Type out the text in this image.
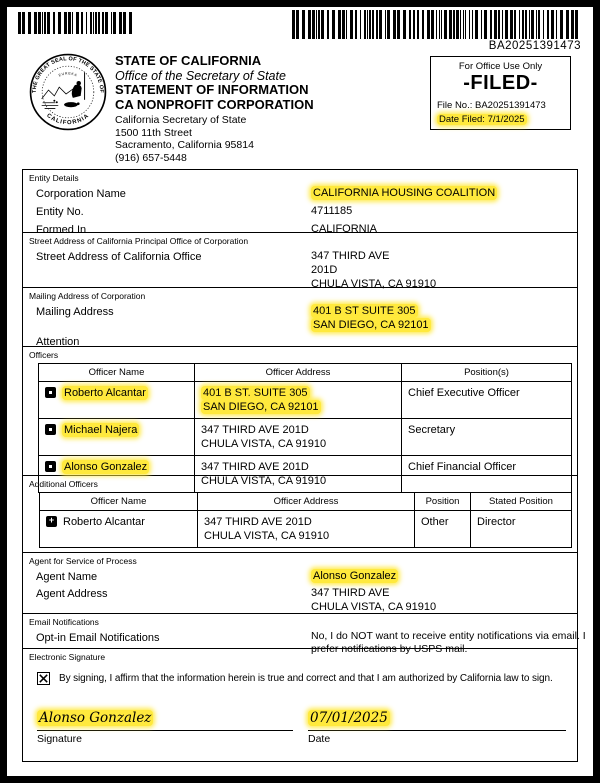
BA20251391473
THE GREAT SEAL OF THE STATE OF
CALIFORNIA
EUREKA
STATE OF CALIFORNIA
Office of the Secretary of State
STATEMENT OF INFORMATION
CA NONPROFIT CORPORATION
California Secretary of State
1500 11th Street
Sacramento, California 95814
(916) 657-5448
For Office Use Only
-FILED-
File No.: BA20251391473
Date Filed: 7/1/2025
Entity Details
Corporation Name	CALIFORNIA HOUSING COALITION
Entity No.	4711185
Formed In	CALIFORNIA
Street Address of California Principal Office of Corporation
Street Address of California Office	347 THIRD AVE
201D
CHULA VISTA, CA 91910
Mailing Address of Corporation
Mailing Address	401 B ST SUITE 305
SAN DIEGO, CA 92101
Attention
Officers
Officer Name	Officer Address	Position(s)

Roberto Alcantar	401 B ST. SUITE 305
SAN DIEGO, CA 92101	Chief Executive Officer

Michael Najera	347 THIRD AVE 201D
CHULA VISTA, CA 91910	Secretary

Alonso Gonzalez	347 THIRD AVE 201D
CHULA VISTA, CA 91910	Chief Financial Officer
Additional Officers
Officer Name	Officer Address	Position	Stated Position

+
Roberto Alcantar	347 THIRD AVE 201D
CHULA VISTA, CA 91910	Other	Director
Agent for Service of Process
Agent Name	Alonso Gonzalez
Agent Address	347 THIRD AVE
CHULA VISTA, CA 91910
Email Notifications
Opt-in Email Notifications	No, I do NOT want to receive entity notifications via email. I prefer notifications by USPS mail.
Electronic Signature
By signing, I affirm that the information herein is true and correct and that I am authorized by California law to sign.
Alonso Gonzalez
Signature
07/01/2025
Date
